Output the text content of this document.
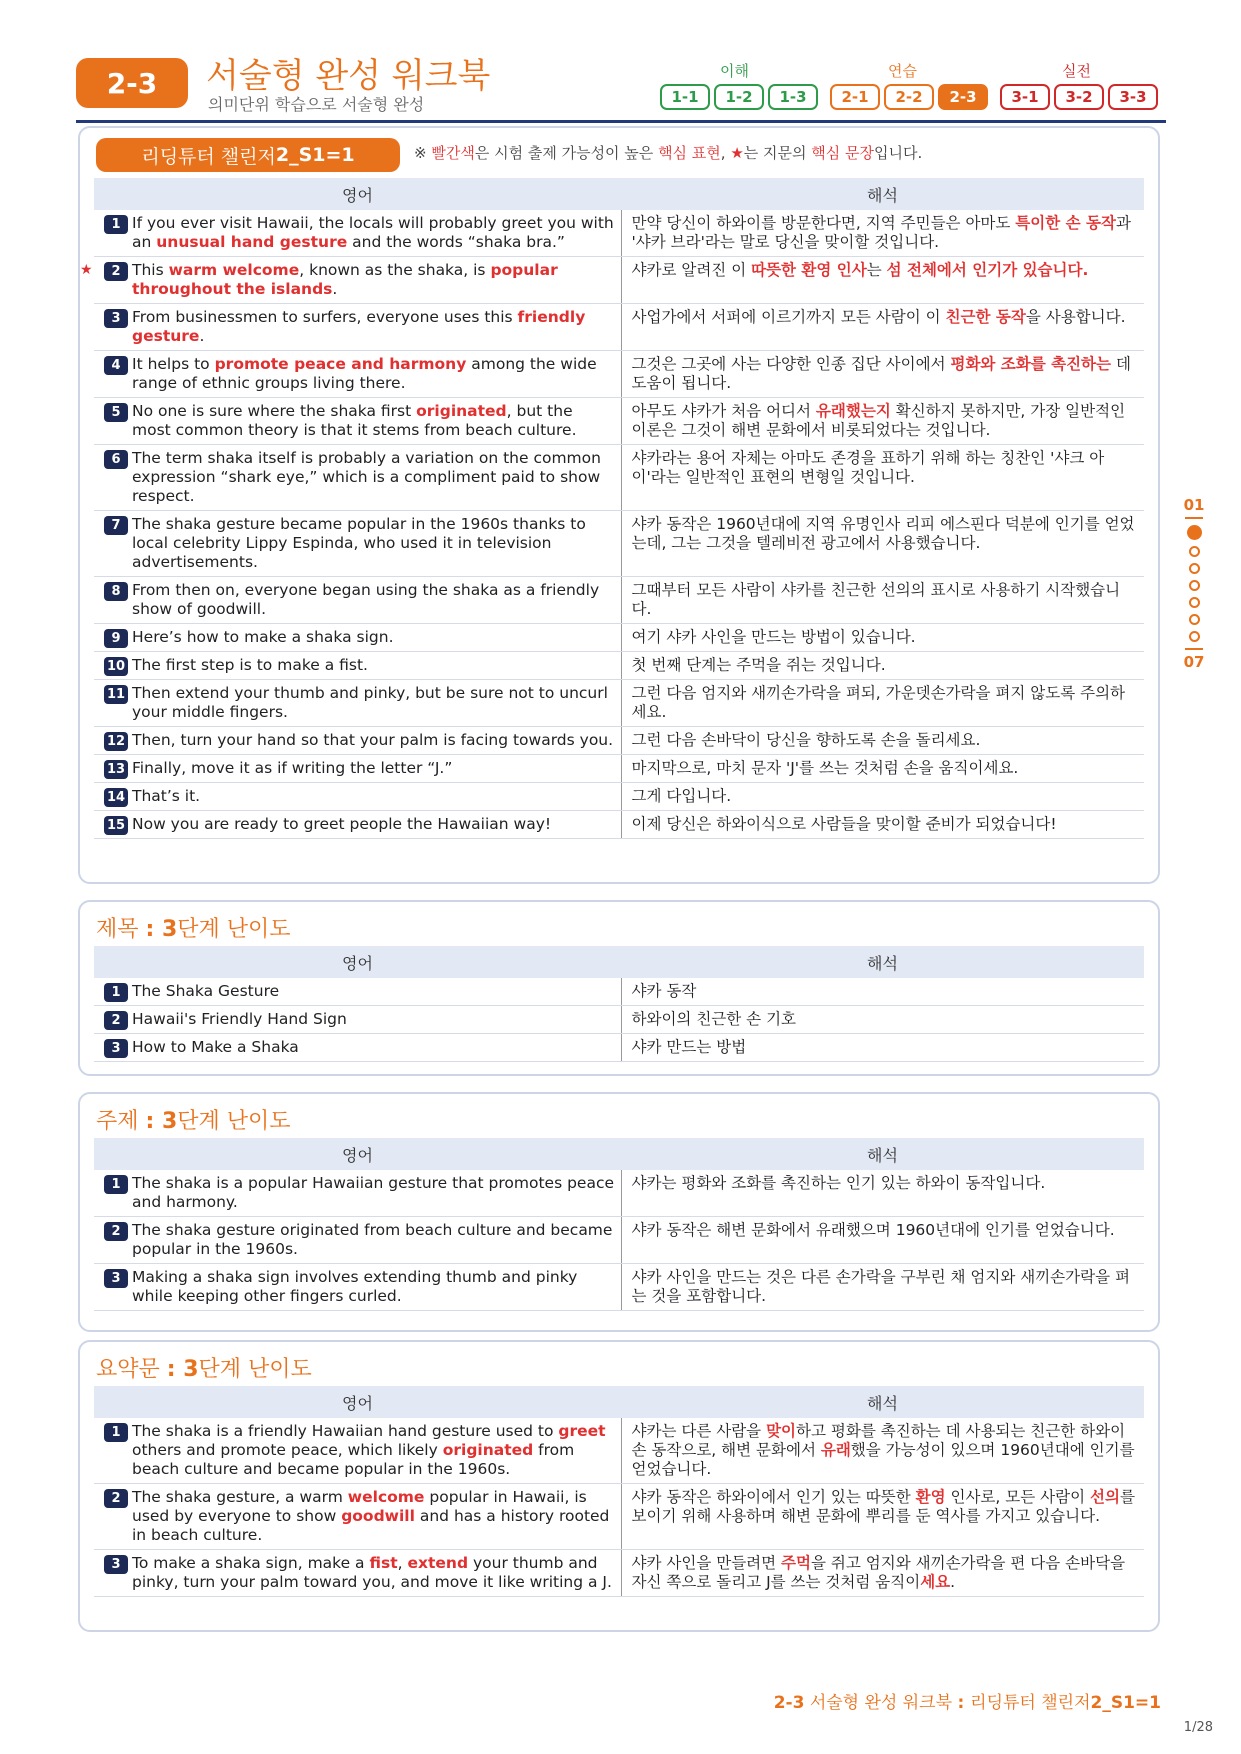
2-3	서술형 완성 워크북
의미단위 학습으로 서술형 완성
이해	연습	실전
1-1	1-2	1-3	2-1	2-2	2-3	3-1	3-2	3-3
리딩튜터 챌린저 2_S1=1	※ 빨간색은 시험 출제 가능성이 높은 핵심 표현, ★는 지문의 핵심 문장입니다.
영어	해석

1 If you ever visit Hawaii, the locals will probably greet you with an unusual hand gesture and the words “shaka bra.”	만약 당신이 하와이를 방문한다면, 지역 주민들은 아마도 특이한 손 동작과 '샤카 브라'라는 말로 당신을 맞이할 것입니다.

2
★ This warm welcome, known as the shaka, is popular throughout the islands.	샤카로 알려진 이 따뜻한 환영 인사는 섬 전체에서 인기가 있습니다.

3 From businessmen to surfers, everyone uses this friendly gesture.	사업가에서 서퍼에 이르기까지 모든 사람이 이 친근한 동작을 사용합니다.

4 It helps to promote peace and harmony among the wide range of ethnic groups living there.	그것은 그곳에 사는 다양한 인종 집단 사이에서 평화와 조화를 촉진하는 데 도움이 됩니다.

5 No one is sure where the shaka first originated, but the most common theory is that it stems from beach culture.	아무도 샤카가 처음 어디서 유래했는지 확신하지 못하지만, 가장 일반적인 이론은 그것이 해변 문화에서 비롯되었다는 것입니다.

6 The term shaka itself is probably a variation on the common expression “shark eye,” which is a compliment paid to show respect.	샤카라는 용어 자체는 아마도 존경을 표하기 위해 하는 칭찬인 '샤크 아이'라는 일반적인 표현의 변형일 것입니다.

7 The shaka gesture became popular in the 1960s thanks to local celebrity Lippy Espinda, who used it in television advertisements.	샤카 동작은 1960년대에 지역 유명인사 리피 에스핀다 덕분에 인기를 얻었는데, 그는 그것을 텔레비전 광고에서 사용했습니다.

8 From then on, everyone began using the shaka as a friendly show of goodwill.	그때부터 모든 사람이 샤카를 친근한 선의의 표시로 사용하기 시작했습니다.

9 Here’s how to make a shaka sign.	여기 샤카 사인을 만드는 방법이 있습니다.

10 The first step is to make a fist.	첫 번째 단계는 주먹을 쥐는 것입니다.

11 Then extend your thumb and pinky, but be sure not to uncurl your middle fingers.	그런 다음 엄지와 새끼손가락을 펴되, 가운뎃손가락을 펴지 않도록 주의하세요.

12 Then, turn your hand so that your palm is facing towards you.	그런 다음 손바닥이 당신을 향하도록 손을 돌리세요.

13 Finally, move it as if writing the letter “J.”	마지막으로, 마치 문자 'J'를 쓰는 것처럼 손을 움직이세요.

14 That’s it.	그게 다입니다.

15 Now you are ready to greet people the Hawaiian way!	이제 당신은 하와이식으로 사람들을 맞이할 준비가 되었습니다!
제목 : 3단계 난이도
영어	해석

1 The Shaka Gesture	샤카 동작

2 Hawaii's Friendly Hand Sign	하와이의 친근한 손 기호

3 How to Make a Shaka	샤카 만드는 방법
주제 : 3단계 난이도
영어	해석

1 The shaka is a popular Hawaiian gesture that promotes peace and harmony.	샤카는 평화와 조화를 촉진하는 인기 있는 하와이 동작입니다.

2 The shaka gesture originated from beach culture and became popular in the 1960s.	샤카 동작은 해변 문화에서 유래했으며 1960년대에 인기를 얻었습니다.

3 Making a shaka sign involves extending thumb and pinky while keeping other fingers curled.	샤카 사인을 만드는 것은 다른 손가락을 구부린 채 엄지와 새끼손가락을 펴는 것을 포함합니다.
요약문 : 3단계 난이도
영어	해석

1 The shaka is a friendly Hawaiian hand gesture used to greet others and promote peace, which likely originated from beach culture and became popular in the 1960s.	샤카는 다른 사람을 맞이하고 평화를 촉진하는 데 사용되는 친근한 하와이 손 동작으로, 해변 문화에서 유래했을 가능성이 있으며 1960년대에 인기를 얻었습니다.

2 The shaka gesture, a warm welcome popular in Hawaii, is used by everyone to show goodwill and has a history rooted in beach culture.	샤카 동작은 하와이에서 인기 있는 따뜻한 환영 인사로, 모든 사람이 선의를 보이기 위해 사용하며 해변 문화에 뿌리를 둔 역사를 가지고 있습니다.

3 To make a shaka sign, make a fist, extend your thumb and pinky, turn your palm toward you, and move it like writing a J.	샤카 사인을 만들려면 주먹을 쥐고 엄지와 새끼손가락을 편 다음 손바닥을 자신 쪽으로 돌리고 J를 쓰는 것처럼 움직이세요.
01
07
2-3 서술형 완성 워크북 : 리딩튜터 챌린저2_S1=1
1/28
